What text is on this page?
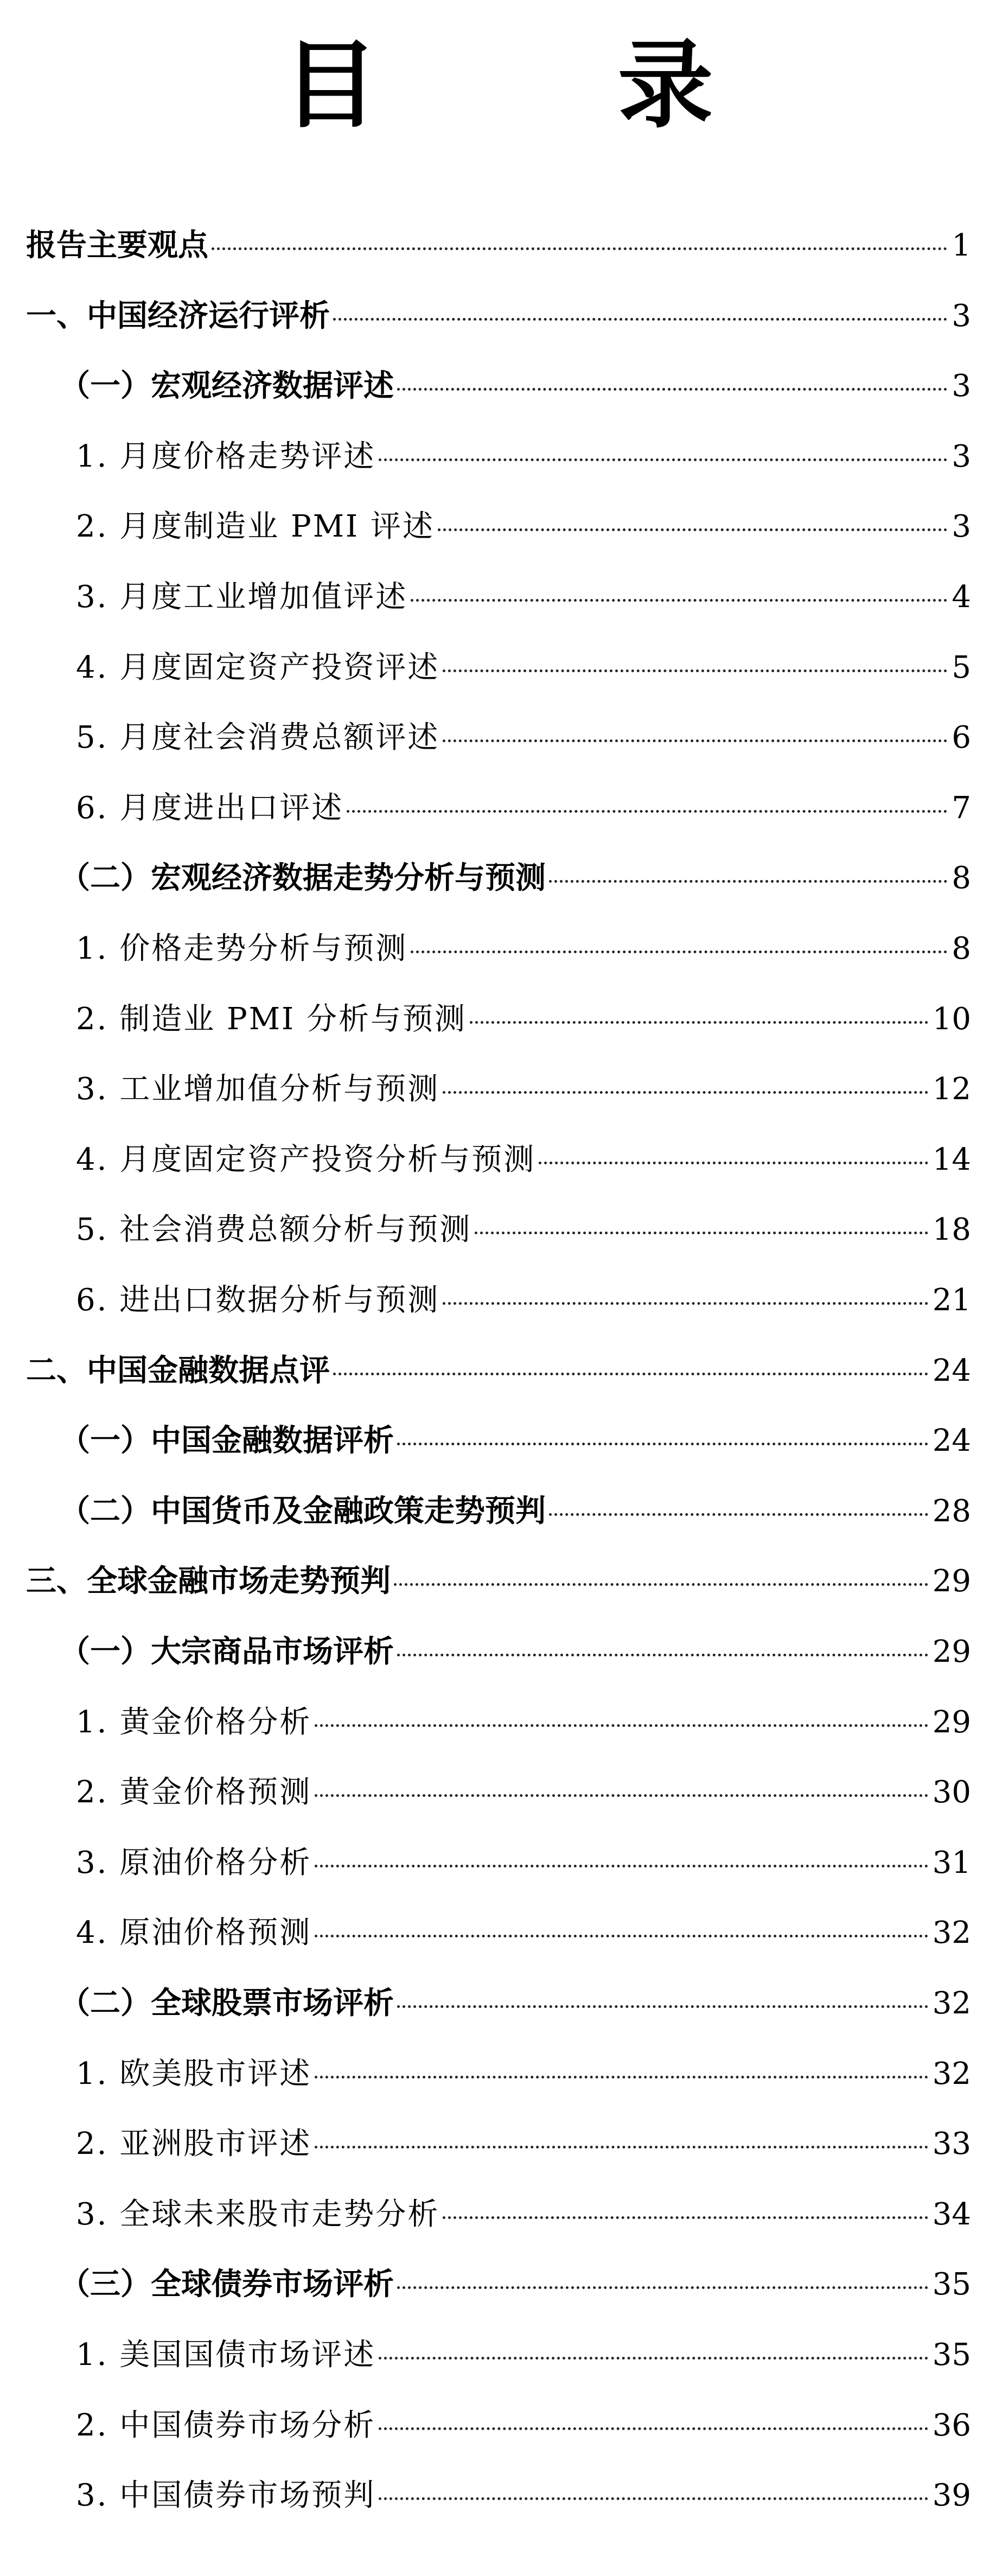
目 录
报告主要观点	1
一、中国经济运行评析	3
（一）宏观经济数据评述	3
1. 月度价格走势评述	3
2. 月度制造业 PMI 评述	3
3. 月度工业增加值评述	4
4. 月度固定资产投资评述	5
5. 月度社会消费总额评述	6
6. 月度进出口评述	7
（二）宏观经济数据走势分析与预测	8
1. 价格走势分析与预测	8
2. 制造业 PMI 分析与预测	10
3. 工业增加值分析与预测	12
4. 月度固定资产投资分析与预测	14
5. 社会消费总额分析与预测	18
6. 进出口数据分析与预测	21
二、中国金融数据点评	24
（一）中国金融数据评析	24
（二）中国货币及金融政策走势预判	28
三、全球金融市场走势预判	29
（一）大宗商品市场评析	29
1. 黄金价格分析	29
2. 黄金价格预测	30
3. 原油价格分析	31
4. 原油价格预测	32
（二）全球股票市场评析	32
1. 欧美股市评述	32
2. 亚洲股市评述	33
3. 全球未来股市走势分析	34
（三）全球债券市场评析	35
1. 美国国债市场评述	35
2. 中国债券市场分析	36
3. 中国债券市场预判	39
